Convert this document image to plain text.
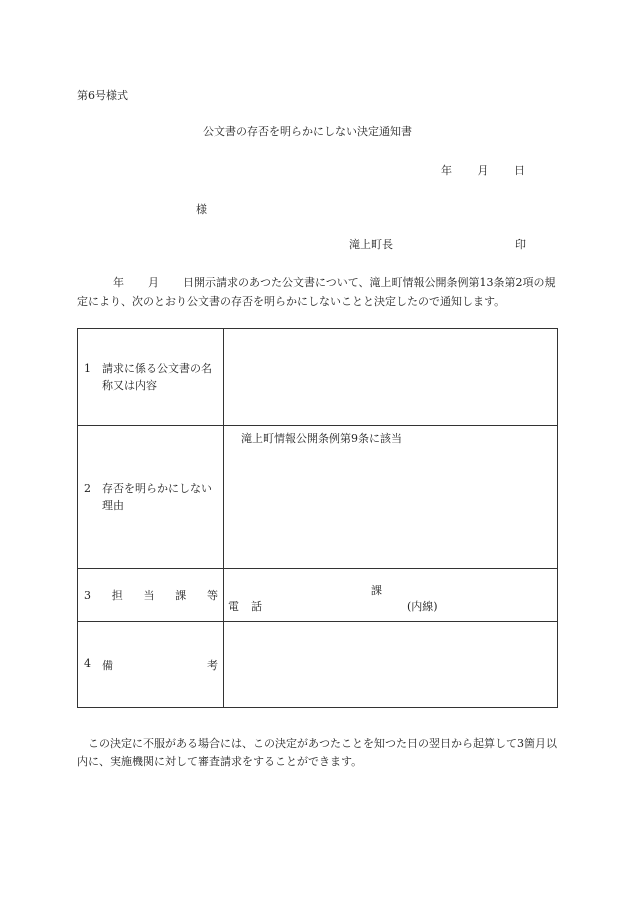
第6号様式
公文書の存否を明らかにしない決定通知書
年 月 日
様
滝上町長	印
年 月 日開示請求のあつた公文書について、滝上町情報公開条例第13条第2項の規定により、次のとおり公文書の存否を明らかにしないことと決定したので通知します。
1 請求に係る公文書の名称又は内容	

2 存否を明らかにしない理由	滝上町情報公開条例第9条に該当

3 担 当 課 等	課
電 話 (内線)

4 備 考	

この決定に不服がある場合には、この決定があつたことを知つた日の翌日から起算して3箇月以内に、実施機関に対して審査請求をすることができます。
